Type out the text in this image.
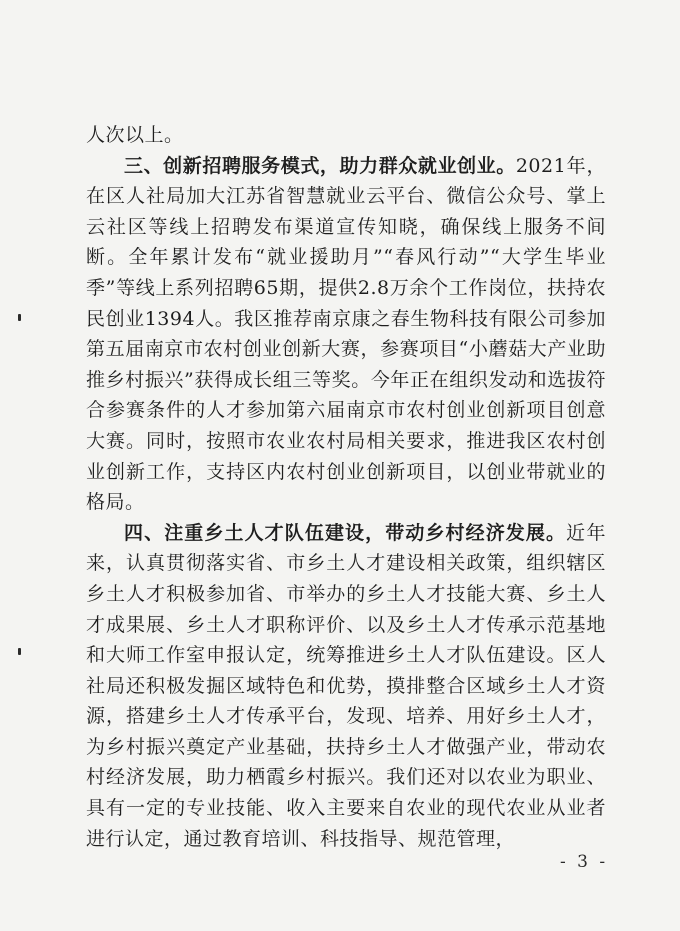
人次以上。

三、创新招聘服务模式，助力群众就业创业。2021年，在区人社局加大江苏省智慧就业云平台、微信公众号、掌上云社区等线上招聘发布渠道宣传知晓，确保线上服务不间断。全年累计发布“就业援助月”“春风行动”“大学生毕业季”等线上系列招聘65期，提供2.8万余个工作岗位，扶持农民创业1394人。我区推荐南京康之春生物科技有限公司参加第五届南京市农村创业创新大赛，参赛项目“小蘑菇大产业助推乡村振兴”获得成长组三等奖。今年正在组织发动和选拔符合参赛条件的人才参加第六届南京市农村创业创新项目创意大赛。同时，按照市农业农村局相关要求，推进我区农村创业创新工作，支持区内农村创业创新项目，以创业带就业的格局。

四、注重乡土人才队伍建设，带动乡村经济发展。近年来，认真贯彻落实省、市乡土人才建设相关政策，组织辖区乡土人才积极参加省、市举办的乡土人才技能大赛、乡土人才成果展、乡土人才职称评价、以及乡土人才传承示范基地和大师工作室申报认定，统筹推进乡土人才队伍建设。区人社局还积极发掘区域特色和优势，摸排整合区域乡土人才资源，搭建乡土人才传承平台，发现、培养、用好乡土人才，为乡村振兴奠定产业基础，扶持乡土人才做强产业，带动农村经济发展，助力栖霞乡村振兴。我们还对以农业为职业、具有一定的专业技能、收入主要来自农业的现代农业从业者进行认定，通过教育培训、科技指导、规范管理，

- 3 -
